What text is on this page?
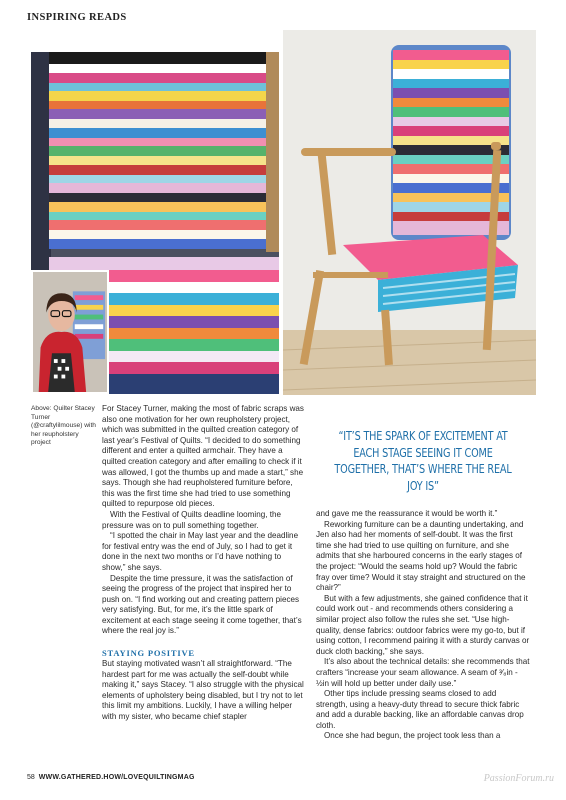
INSPIRING READS
Above: Quilter Stacey Turner (@craftylilmouse) with her reupholstery project

For Stacey Turner, making the most of fabric scraps was also one motivation for her own reupholstery project, which was submitted in the quilted creation category of last year’s Festival of Quilts. “I decided to do something different and enter a quilted armchair. They have a quilted creation category and after emailing to check if it was allowed, I got the thumbs up and made a start,” she says. Though she had reupholstered furniture before, this was the first time she had tried to use something quilted to repurpose old pieces.

With the Festival of Quilts deadline looming, the pressure was on to pull something together.

“I spotted the chair in May last year and the deadline for festival entry was the end of July, so I had to get it done in the next two months or I’d have nothing to show,” she says.

Despite the time pressure, it was the satisfaction of seeing the progress of the project that inspired her to push on. “I find working out and creating pattern pieces very satisfying. But, for me, it’s the little spark of excitement at each stage seeing it come together, that’s where the real joy is.”

STAYING POSITIVE

But staying motivated wasn’t all straightforward. “The hardest part for me was actually the self-doubt while making it,” says Stacey. “I also struggle with the physical elements of upholstery being disabled, but I try not to let this limit my ambitions. Luckily, I have a willing helper with my sister, who became chief stapler

“IT’S THE SPARK OF EXCITEMENT AT EACH STAGE SEEING IT COME TOGETHER, THAT’S WHERE THE REAL JOY IS”

and gave me the reassurance it would be worth it.”

Reworking furniture can be a daunting undertaking, and Jen also had her moments of self-doubt. It was the first time she had tried to use quilting on furniture, and she admits that she harboured concerns in the early stages of the project: “Would the seams hold up? Would the fabric fray over time? Would it stay straight and structured on the chair?”

But with a few adjustments, she gained confidence that it could work out - and recommends others considering a similar project also follow the rules she set. “Use high-quality, dense fabrics: outdoor fabrics were my go-to, but if using cotton, I recommend pairing it with a sturdy canvas or duck cloth backing,” she says.

It’s also about the technical details: she recommends that crafters “increase your seam allowance. A seam of ³⁄₈in - ½in will hold up better under daily use.”

Other tips include pressing seams closed to add strength, using a heavy-duty thread to secure thick fabric and add a durable backing, like an affordable canvas drop cloth.

Once she had begun, the project took less than a

58 WWW.GATHERED.HOW/LOVEQUILTINGMAG	PassionForum.ru
